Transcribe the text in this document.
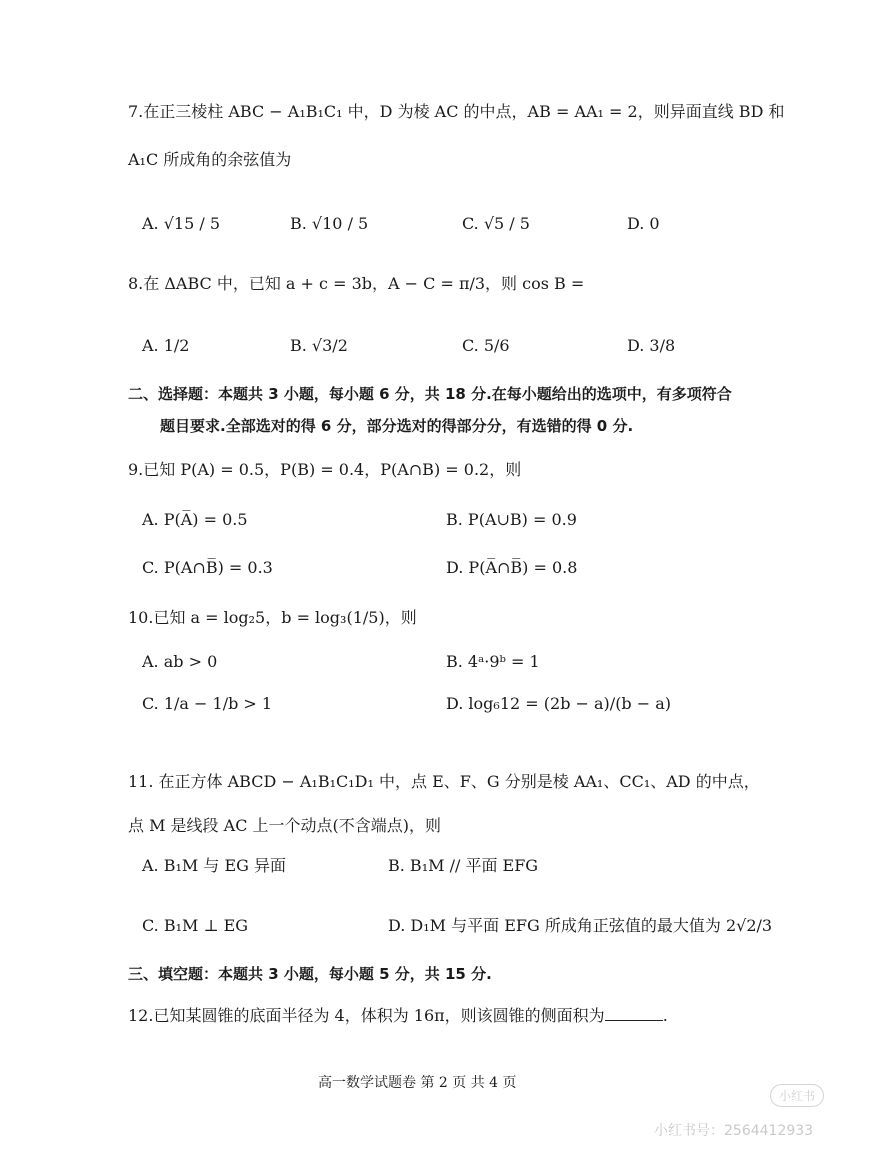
7.在正三棱柱 ABC − A₁B₁C₁ 中，D 为棱 AC 的中点，AB = AA₁ = 2，则异面直线 BD 和
A₁C 所成角的余弦值为
A. √15 / 5	B. √10 / 5	C. √5 / 5	D. 0
8.在 ΔABC 中，已知 a + c = 3b，A − C = π/3，则 cos B =
A. 1/2	B. √3/2	C. 5/6	D. 3/8
二、选择题：本题共 3 小题，每小题 6 分，共 18 分.在每小题给出的选项中，有多项符合
题目要求.全部选对的得 6 分，部分选对的得部分分，有选错的得 0 分.
9.已知 P(A) = 0.5，P(B) = 0.4，P(A∩B) = 0.2，则
A. P(A̅) = 0.5	B. P(A∪B) = 0.9
C. P(A∩B̅) = 0.3	D. P(A̅∩B̅) = 0.8
10.已知 a = log₂5，b = log₃(1/5)，则
A. ab > 0	B. 4ᵃ·9ᵇ = 1
C. 1/a − 1/b > 1	D. log₆12 = (2b − a)/(b − a)
11. 在正方体 ABCD − A₁B₁C₁D₁ 中，点 E、F、G 分别是棱 AA₁、CC₁、AD 的中点，
点 M 是线段 AC 上一个动点(不含端点)，则
A. B₁M 与 EG 异面	B. B₁M // 平面 EFG
C. B₁M ⊥ EG	D. D₁M 与平面 EFG 所成角正弦值的最大值为 2√2/3
三、填空题：本题共 3 小题，每小题 5 分，共 15 分.
12.已知某圆锥的底面半径为 4，体积为 16π，则该圆锥的侧面积为	.
高一数学试题卷 第 2 页 共 4 页
小红书
小红书号：2564412933
